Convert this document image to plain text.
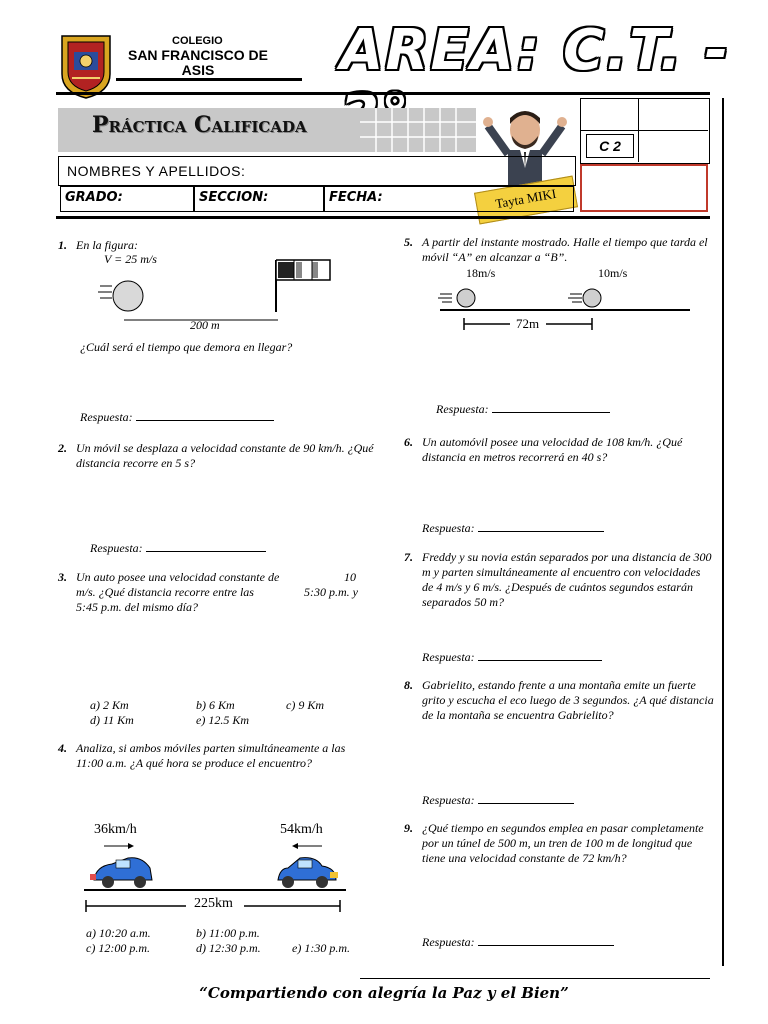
COLEGIO
SAN FRANCISCO DE
ASIS	AREA: C.T. -
Práctica Calificada
Tayta MIKI
C 2
NOMBRES Y APELLIDOS:
GRADO:	SECCION:	FECHA:
1. En la figura:
V = 25 m/s
200 m
¿Cuál será el tiempo que demora en llegar?
Respuesta:
2. Un móvil se desplaza a velocidad constante de 90 km/h. ¿Qué distancia recorre en 5 s?
Respuesta:
3. Un auto posee una velocidad constante de	10
m/s. ¿Qué distancia recorre entre las	5:30 p.m. y
5:45 p.m. del mismo día?
a) 2 Km	b) 6 Km	c) 9 Km
d) 11 Km	e) 12.5 Km
4. Analiza, si ambos móviles parten simultáneamente a las 11:00 a.m. ¿A qué hora se produce el encuentro?
36km/h	54km/h
225km
a) 10:20 a.m.	b) 11:00 p.m.
c) 12:00 p.m.	d) 12:30 p.m.	e) 1:30 p.m.
5. A partir del instante mostrado. Halle el tiempo que tarda el móvil “A” en alcanzar a “B”.
18m/s	10m/s
72m
Respuesta:
6. Un automóvil posee una velocidad de 108 km/h. ¿Qué distancia en metros recorrerá en 40 s?
Respuesta:
7. Freddy y su novia están separados por una distancia de 300 m y parten simultáneamente al encuentro con velocidades de 4 m/s y 6 m/s. ¿Después de cuántos segundos estarán separados 50 m?
Respuesta:
8. Gabrielito, estando frente a una montaña emite un fuerte grito y escucha el eco luego de 3 segundos. ¿A qué distancia de la montaña se encuentra Gabrielito?
Respuesta:
9. ¿Qué tiempo en segundos emplea en pasar completamente por un túnel de 500 m, un tren de 100 m de longitud que tiene una velocidad constante de 72 km/h?
Respuesta:
“Compartiendo con alegría la Paz y el Bien”
